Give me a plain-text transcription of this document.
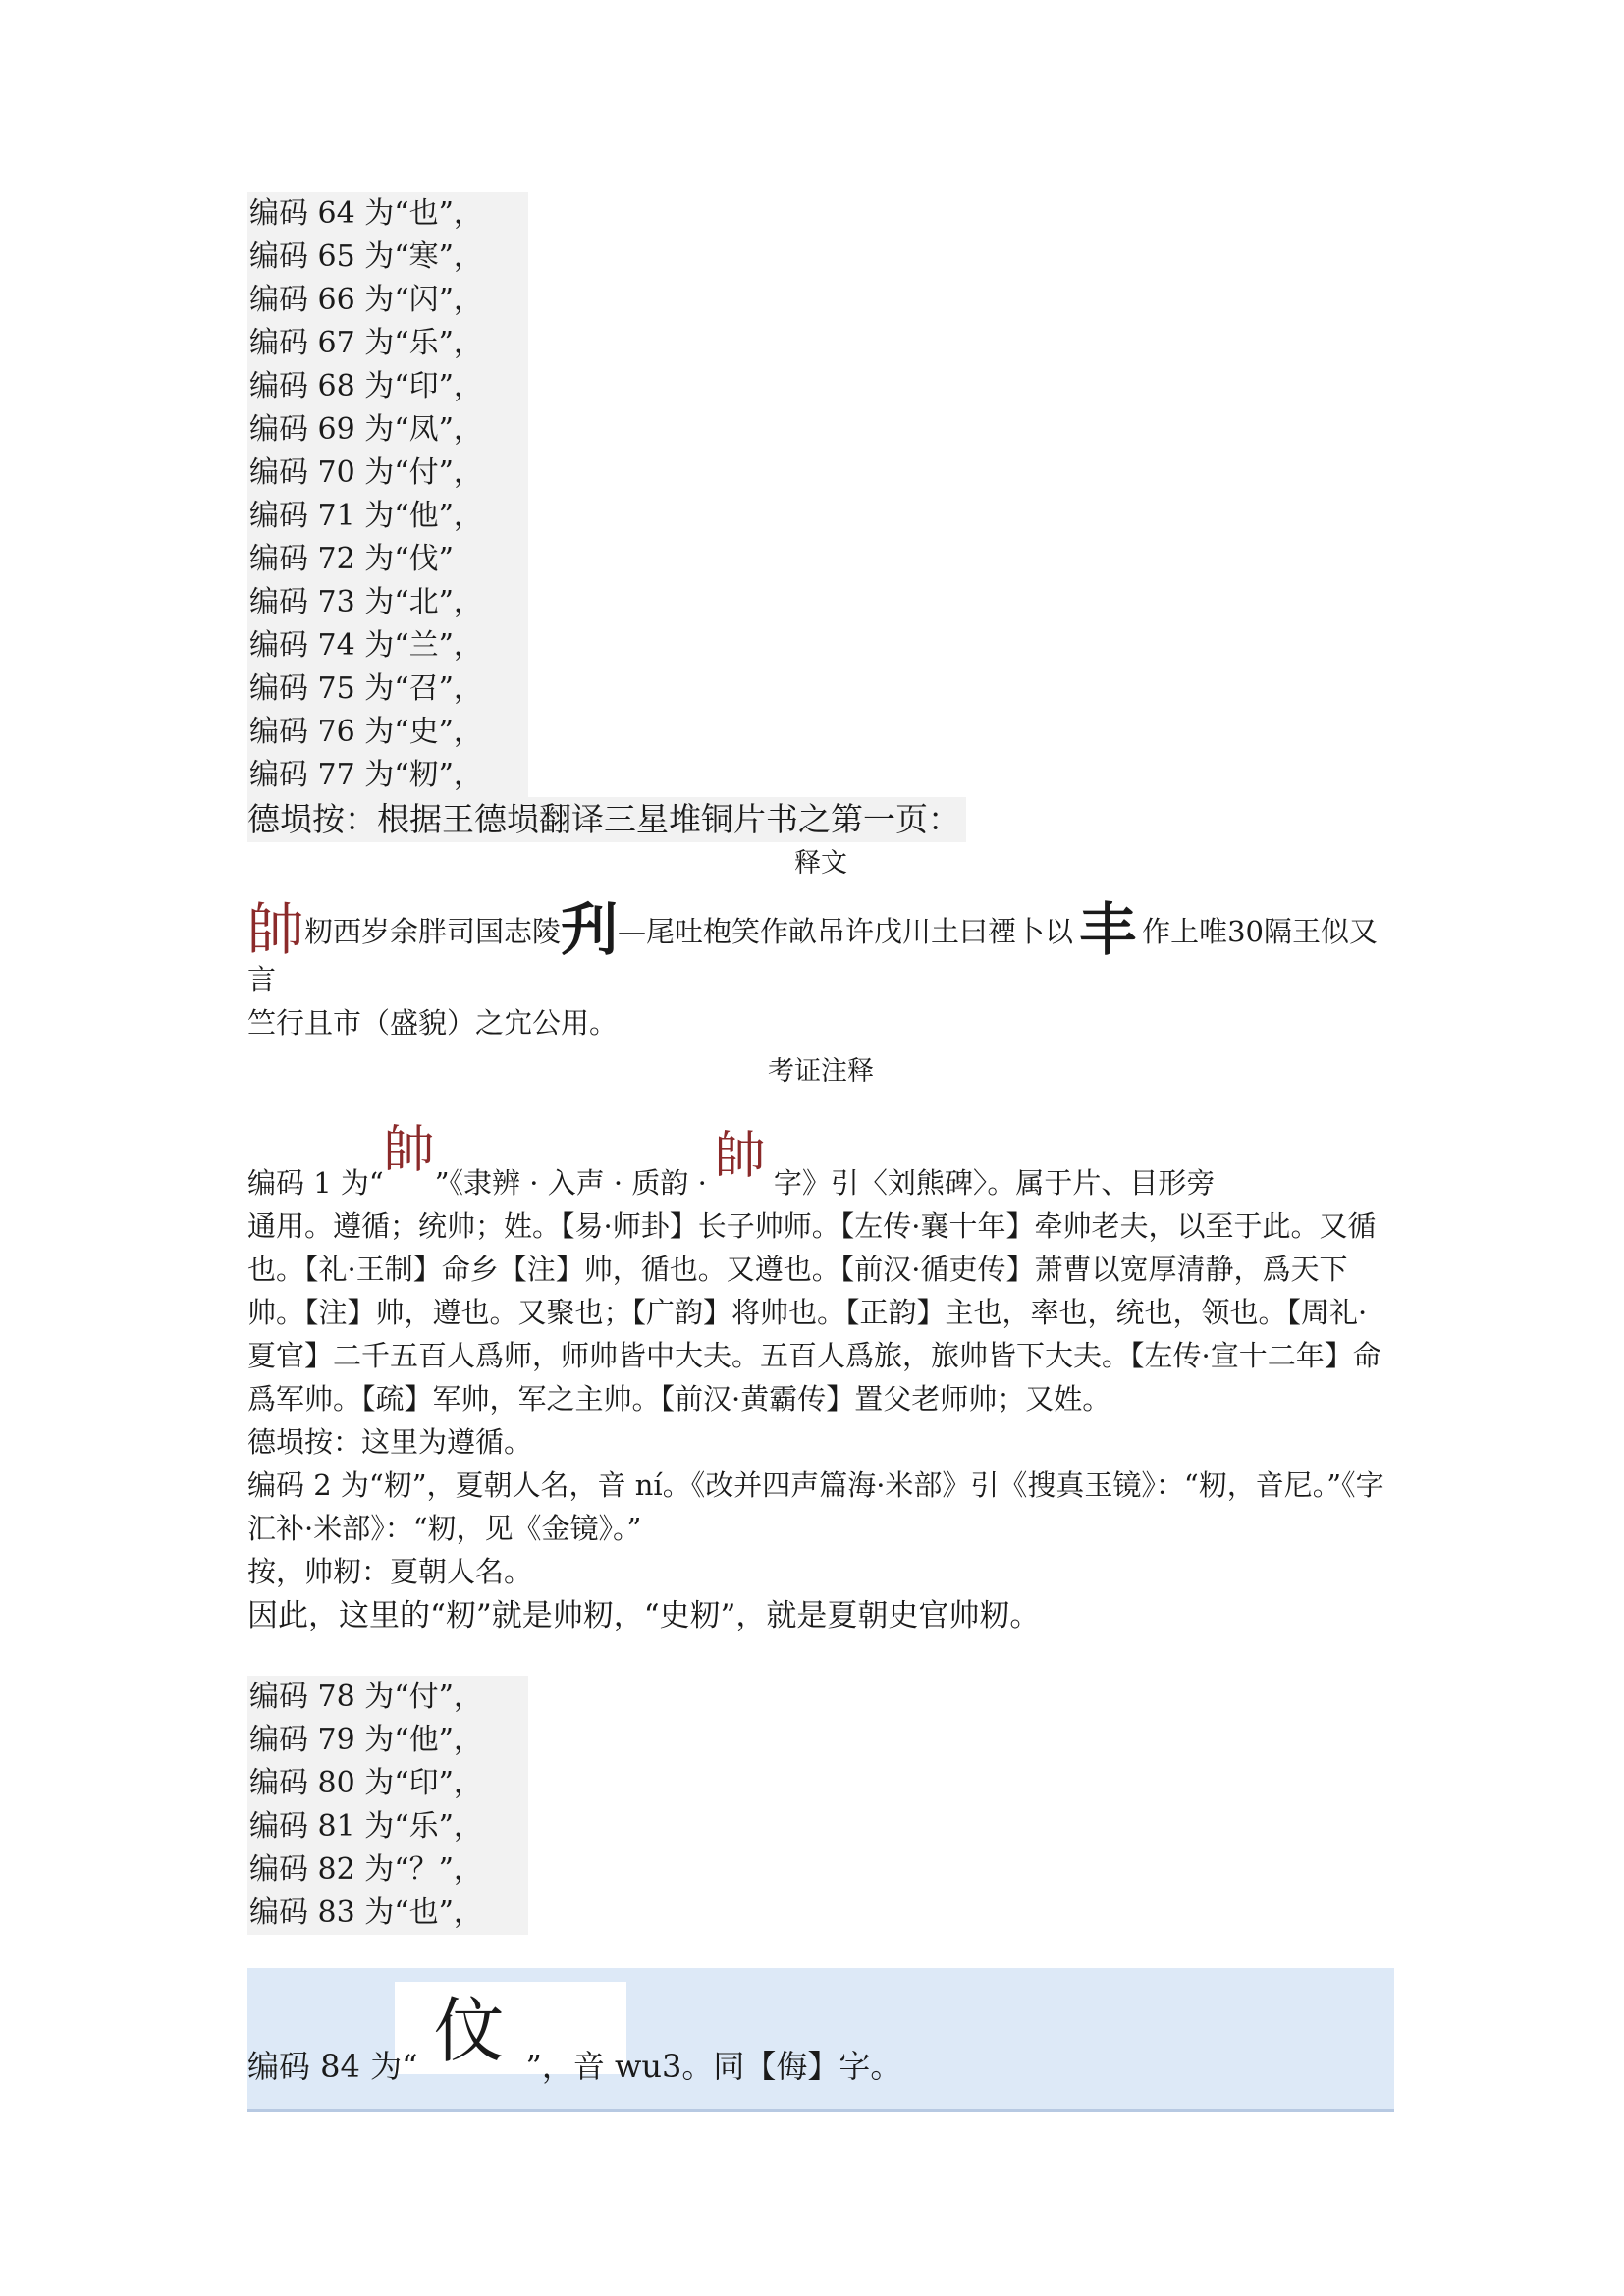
编码 64 为“也”，
编码 65 为“寒”，
编码 66 为“闪”，
编码 67 为“乐”，
编码 68 为“印”，
编码 69 为“凤”，
编码 70 为“付”，
编码 71 为“他”，
编码 72 为“伐”
编码 73 为“北”，
编码 74 为“兰”，
编码 75 为“召”，
编码 76 为“史”，
编码 77 为“籾”，
德埙按：根据王德埙翻译三星堆铜片书之第一页：
释文
帥籾西岁余胖司国志陵刋—尾吐枹笑作畝吊许戊川土曰禋卜以 丰 作上唯30隔王似又言
竺行且市（盛貌）之宂公用。
考证注释
编码 1 为“帥”《隶辨 · 入声 · 质韵 · 帥 字》引〈刘熊碑〉。属于片、目形旁
通用。遵循；统帅；姓。【易·师卦】长子帅师。【左传·襄十年】牵帅老夫，以至于此。又循也。【礼·王制】命乡【注】帅，循也。又遵也。【前汉·循吏传】萧曹以宽厚清静，爲天下帅。【注】帅，遵也。又聚也；【广韵】将帅也。【正韵】主也，率也，统也，领也。【周礼·夏官】二千五百人爲师，师帅皆中大夫。五百人爲旅，旅帅皆下大夫。【左传·宣十二年】命爲军帅。【疏】军帅，军之主帅。【前汉·黄霸传】置父老师帅；又姓。
德埙按：这里为遵循。
编码 2 为“籾”，夏朝人名，音 ní。《改并四声篇海·米部》引《搜真玉镜》：“籾，音尼。”《字汇补·米部》：“籾，见《金镜》。”
按，帅籾：夏朝人名。
因此，这里的“籾”就是帅籾，“史籾”，就是夏朝史官帅籾。
编码 78 为“付”，
编码 79 为“他”，
编码 80 为“印”，
编码 81 为“乐”，
编码 82 为“？”，
编码 83 为“也”，
编码 84 为“ 伩 ”，音 wu3。同【侮】字。
